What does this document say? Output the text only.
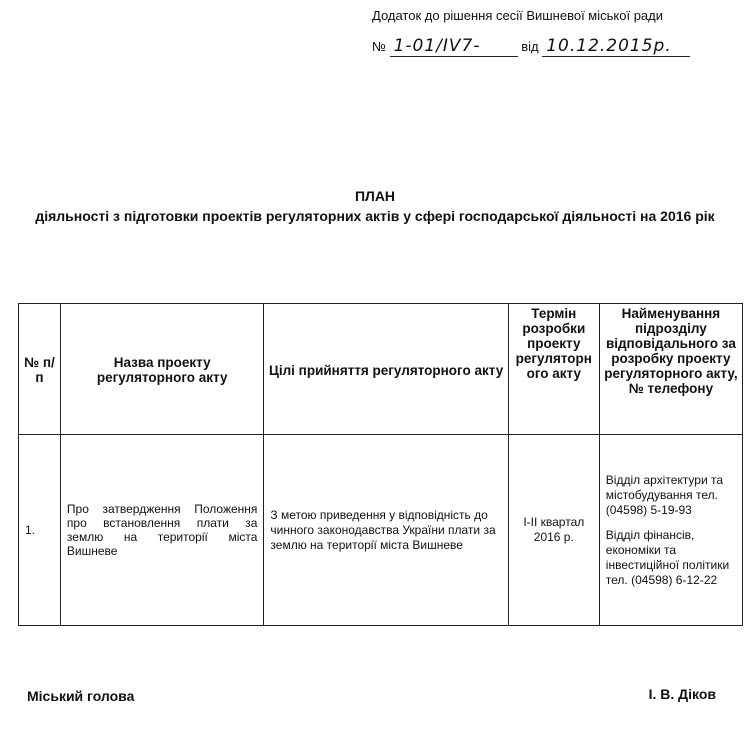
Додаток до рішення сесії Вишневої міської ради
№ 1-01/IV7-	від 10.12.2015р.
ПЛАН
діяльності з підготовки проектів регуляторних актів у сфері господарської діяльності на 2016 рік
№ п/п	Назва проекту регуляторного акту	Цілі прийняття регуляторного акту	Термін розробки проекту регуляторн ого акту	Найменування підрозділу відповідального за розробку проекту регуляторного акту, № телефону
1.	Про затвердження Положення про встановлення плати за землю на території міста Вишневе	З метою приведення у відповідність до чинного законодавства України плати за землю на території міста Вишневе	I-II квартал 2016 р.	Відділ архітектури та містобудування тел. (04598) 5-19-93
Відділ фінансів, економіки та інвестиційної політики тел. (04598) 6-12-22
Міський голова	І. В. Діков
